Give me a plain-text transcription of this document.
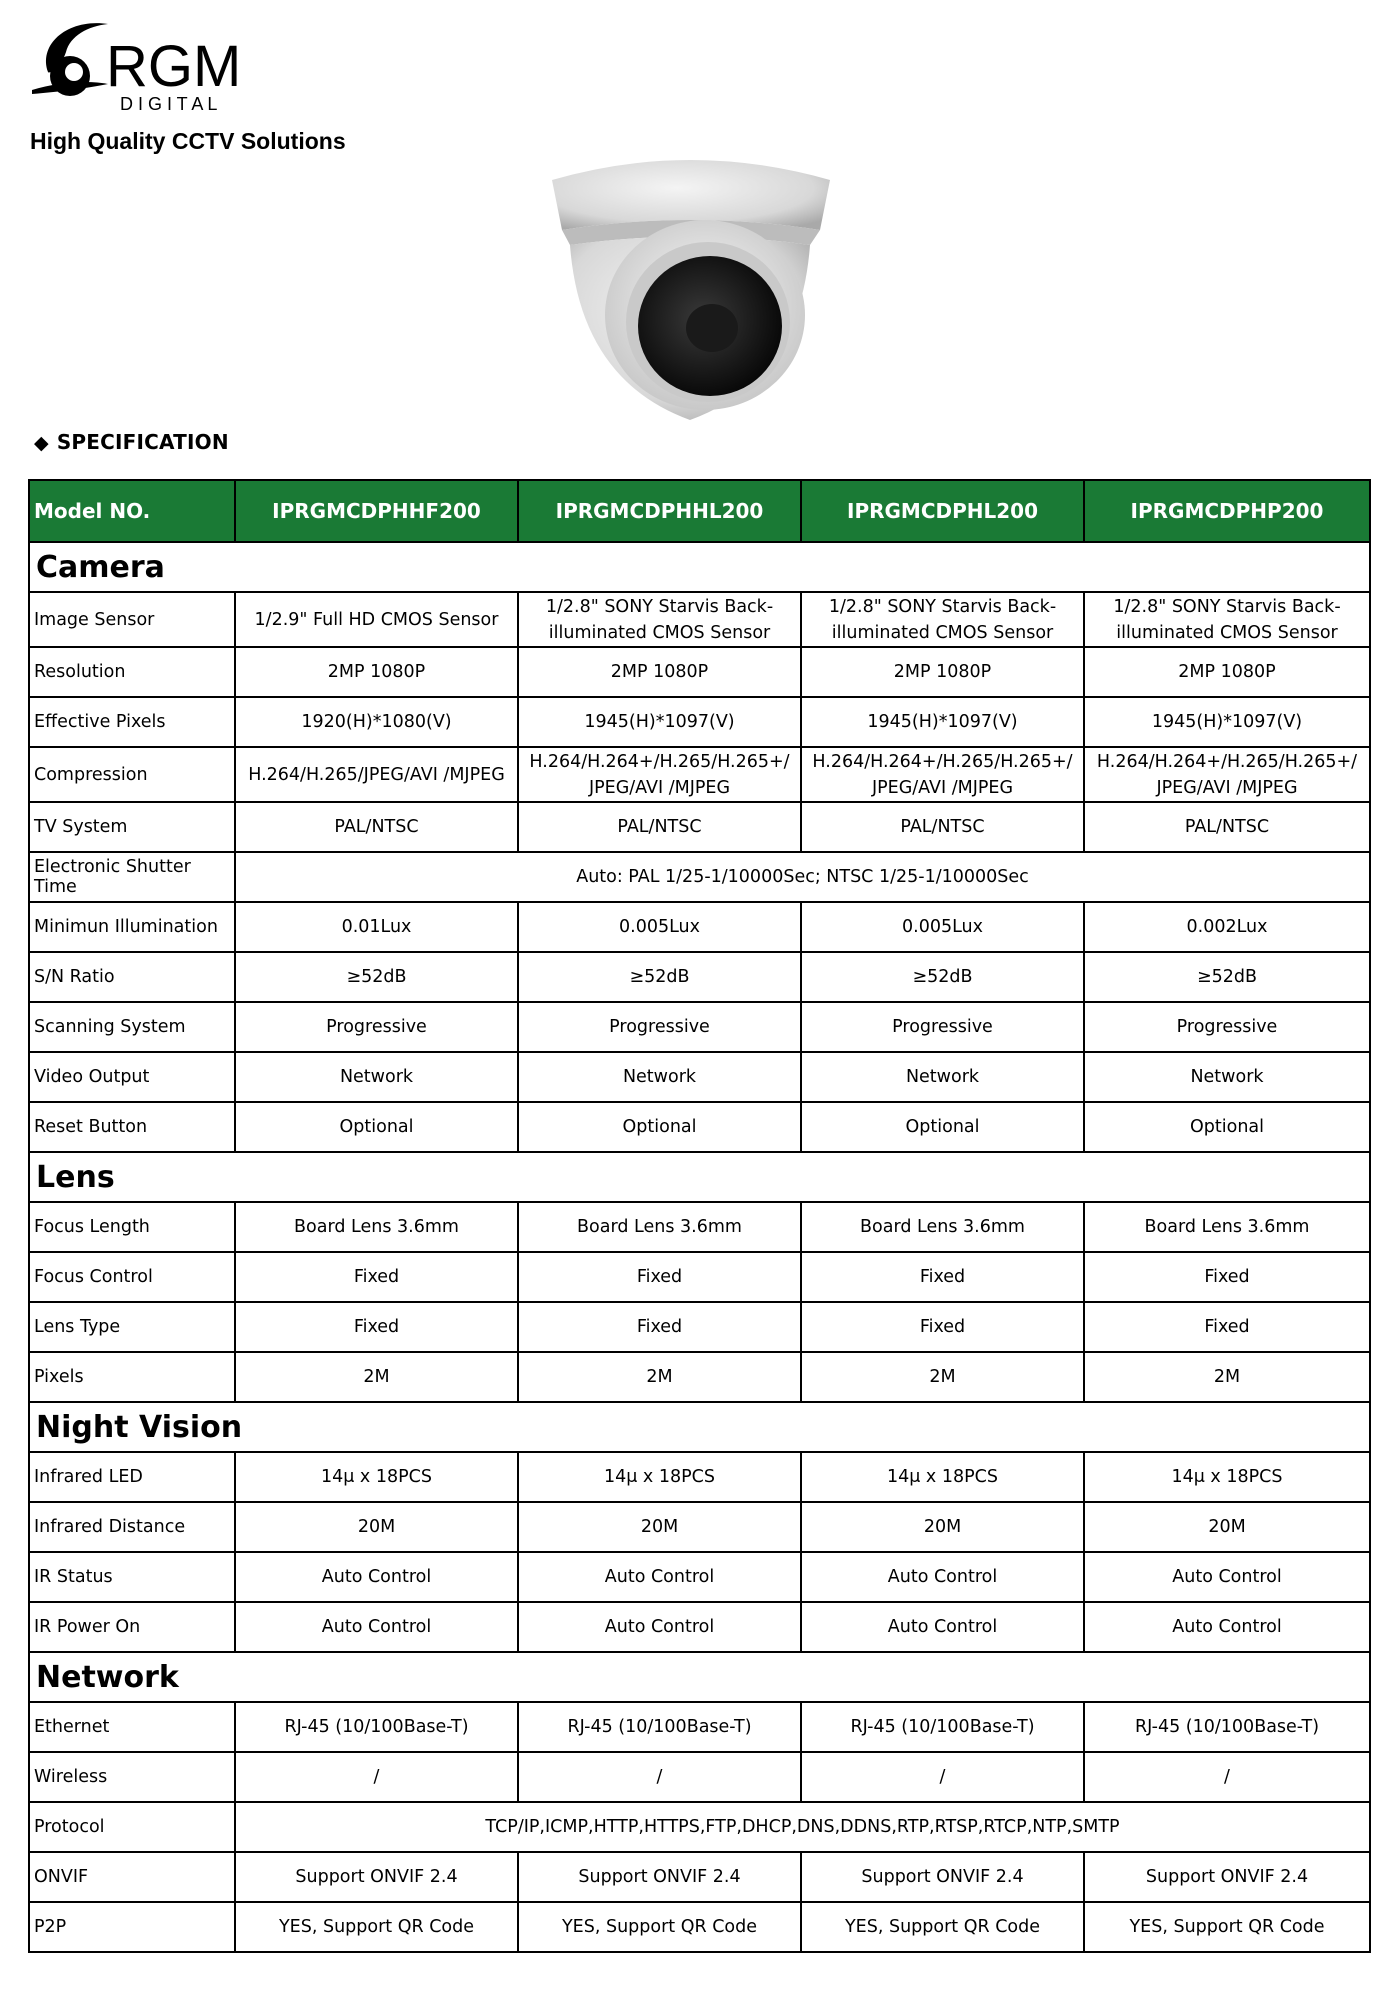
RGM
D I G I T A L

High Quality CCTV Solutions

◆ SPECIFICATION

Model NO.	IPRGMCDPHHF200	IPRGMCDPHHL200	IPRGMCDPHL200	IPRGMCDPHP200
Camera				
Image Sensor	1/2.9" Full HD CMOS Sensor	1/2.8" SONY Starvis Back-illuminated CMOS Sensor	1/2.8" SONY Starvis Back-illuminated CMOS Sensor	1/2.8" SONY Starvis Back-illuminated CMOS Sensor
Resolution	2MP 1080P	2MP 1080P	2MP 1080P	2MP 1080P
Effective Pixels	1920(H)*1080(V)	1945(H)*1097(V)	1945(H)*1097(V)	1945(H)*1097(V)
Compression	H.264/H.265/JPEG/AVI /MJPEG	H.264/H.264+/H.265/H.265+/ JPEG/AVI /MJPEG	H.264/H.264+/H.265/H.265+/ JPEG/AVI /MJPEG	H.264/H.264+/H.265/H.265+/ JPEG/AVI /MJPEG
TV System	PAL/NTSC	PAL/NTSC	PAL/NTSC	PAL/NTSC
Electronic Shutter Time	Auto: PAL 1/25-1/10000Sec; NTSC 1/25-1/10000Sec			
Minimun Illumination	0.01Lux	0.005Lux	0.005Lux	0.002Lux
S/N Ratio	≥52dB	≥52dB	≥52dB	≥52dB
Scanning System	Progressive	Progressive	Progressive	Progressive
Video Output	Network	Network	Network	Network
Reset Button	Optional	Optional	Optional	Optional
Lens				
Focus Length	Board Lens 3.6mm	Board Lens 3.6mm	Board Lens 3.6mm	Board Lens 3.6mm
Focus Control	Fixed	Fixed	Fixed	Fixed
Lens Type	Fixed	Fixed	Fixed	Fixed
Pixels	2M	2M	2M	2M
Night Vision				
Infrared LED	14μ x 18PCS	14μ x 18PCS	14μ x 18PCS	14μ x 18PCS
Infrared Distance	20M	20M	20M	20M
IR Status	Auto Control	Auto Control	Auto Control	Auto Control
IR Power On	Auto Control	Auto Control	Auto Control	Auto Control
Network				
Ethernet	RJ-45 (10/100Base-T)	RJ-45 (10/100Base-T)	RJ-45 (10/100Base-T)	RJ-45 (10/100Base-T)
Wireless	/	/	/	/
Protocol	TCP/IP,ICMP,HTTP,HTTPS,FTP,DHCP,DNS,DDNS,RTP,RTSP,RTCP,NTP,SMTP			
ONVIF	Support ONVIF 2.4	Support ONVIF 2.4	Support ONVIF 2.4	Support ONVIF 2.4
P2P	YES, Support QR Code	YES, Support QR Code	YES, Support QR Code	YES, Support QR Code
